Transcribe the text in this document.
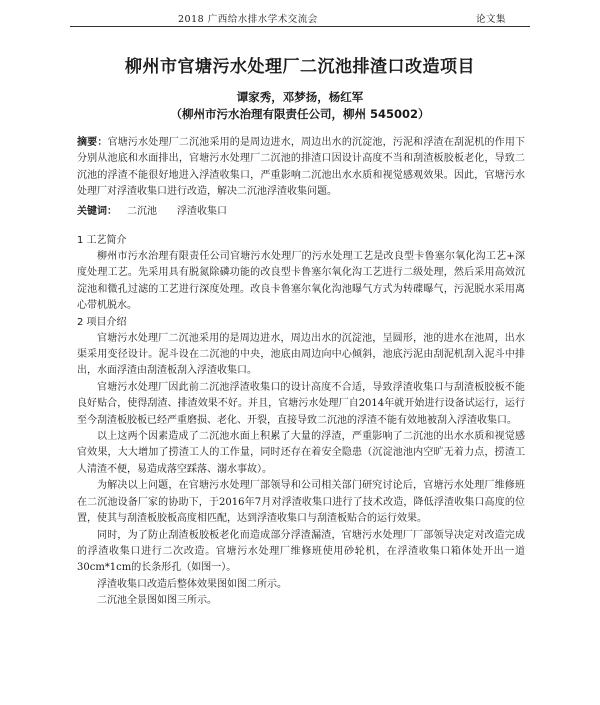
2018 广西给水排水学术交流会	论文集
柳州市官塘污水处理厂二沉池排渣口改造项目
谭家秀，邓梦扬，杨红军
（柳州市污水治理有限责任公司，柳州 545002）
摘要：官塘污水处理厂二沉池采用的是周边进水，周边出水的沉淀池，污泥和浮渣在刮泥机的作用下分别从池底和水面排出，官塘污水处理厂二沉池的排渣口因设计高度不当和刮渣板胶板老化，导致二沉池的浮渣不能很好地进入浮渣收集口，严重影响二沉池出水水质和视觉感观效果。因此，官塘污水处理厂对浮渣收集口进行改造，解决二沉池浮渣收集问题。
关键词： 二沉池 浮渣收集口
1 工艺简介

柳州市污水治理有限责任公司官塘污水处理厂的污水处理工艺是改良型卡鲁塞尔氧化沟工艺+深度处理工艺。先采用具有脱氮除磷功能的改良型卡鲁塞尔氧化沟工艺进行二级处理，然后采用高效沉淀池和微孔过滤的工艺进行深度处理。改良卡鲁塞尔氧化沟池曝气方式为转碟曝气，污泥脱水采用离心带机脱水。

2 项目介绍

官塘污水处理厂二沉池采用的是周边进水，周边出水的沉淀池，呈圆形，池的进水在池周，出水渠采用变径设计。泥斗设在二沉池的中央，池底由周边向中心倾斜，池底污泥由刮泥机刮入泥斗中排出，水面浮渣由刮渣板刮入浮渣收集口。

官塘污水处理厂因此前二沉池浮渣收集口的设计高度不合适，导致浮渣收集口与刮渣板胶板不能良好贴合，使得刮渣、排渣效果不好。并且，官塘污水处理厂自2014年就开始进行设备试运行，运行至今刮渣板胶板已经严重磨损、老化、开裂，直接导致二沉池的浮渣不能有效地被刮入浮渣收集口。

以上这两个因素造成了二沉池水面上积累了大量的浮渣，严重影响了二沉池的出水水质和视觉感官效果，大大增加了捞渣工人的工作量，同时还存在着安全隐患（沉淀池池内空旷无着力点，捞渣工人清渣不便，易造成落空踩落、溺水事故）。

为解决以上问题，在官塘污水处理厂部领导和公司相关部门研究讨论后，官塘污水处理厂维修班在二沉池设备厂家的协助下，于2016年7月对浮渣收集口进行了技术改造，降低浮渣收集口高度的位置，使其与刮渣板胶板高度相匹配，达到浮渣收集口与刮渣板贴合的运行效果。

同时，为了防止刮渣板胶板老化而造成部分浮渣漏渣，官塘污水处理厂厂部领导决定对改造完成的浮渣收集口进行二次改造。官塘污水处理厂维修班使用砂轮机，在浮渣收集口箱体处开出一道30cm*1cm的长条形孔（如图一）。

浮渣收集口改造后整体效果图如图二所示。

二沉池全景图如图三所示。
